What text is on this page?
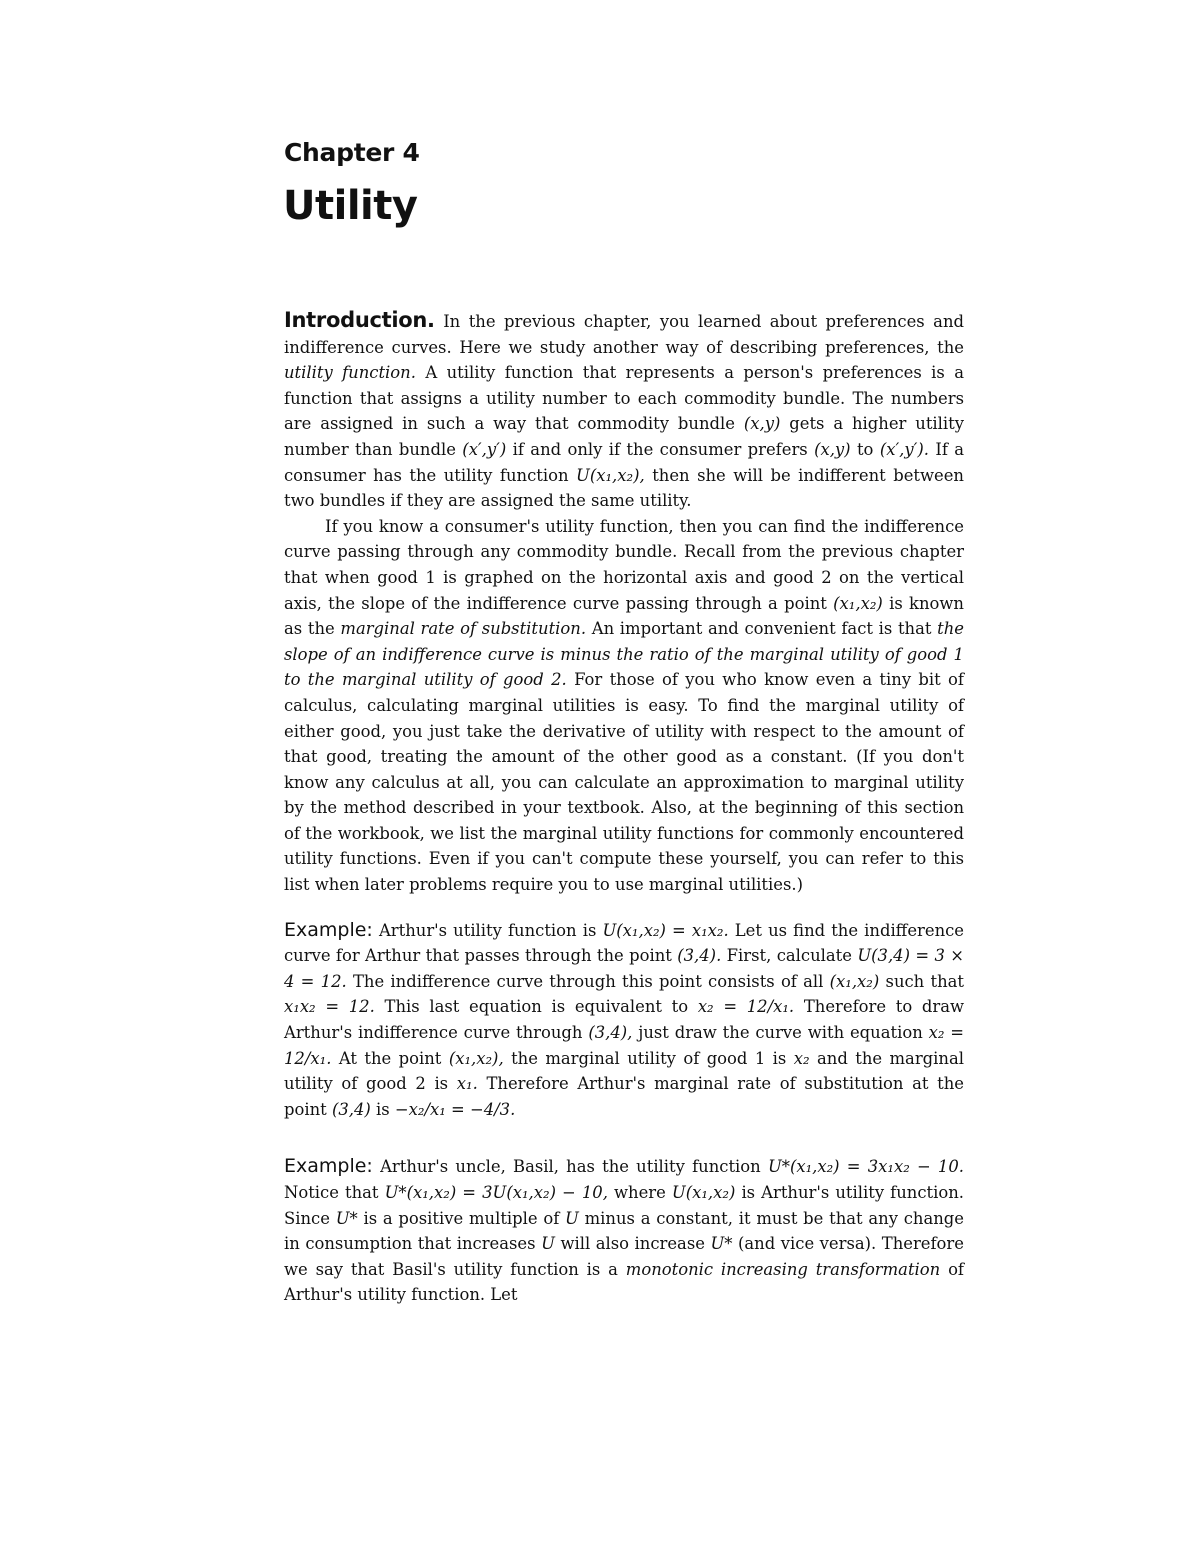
Chapter 4
Utility

Introduction. In the previous chapter, you learned about preferences and indifference curves. Here we study another way of describing preferences, the utility function. A utility function that represents a person's preferences is a function that assigns a utility number to each commodity bundle. The numbers are assigned in such a way that commodity bundle (x,y) gets a higher utility number than bundle (x′,y′) if and only if the consumer prefers (x,y) to (x′,y′). If a consumer has the utility function U(x₁,x₂), then she will be indifferent between two bundles if they are assigned the same utility.

If you know a consumer's utility function, then you can find the indifference curve passing through any commodity bundle. Recall from the previous chapter that when good 1 is graphed on the horizontal axis and good 2 on the vertical axis, the slope of the indifference curve passing through a point (x₁,x₂) is known as the marginal rate of substitution. An important and convenient fact is that the slope of an indifference curve is minus the ratio of the marginal utility of good 1 to the marginal utility of good 2. For those of you who know even a tiny bit of calculus, calculating marginal utilities is easy. To find the marginal utility of either good, you just take the derivative of utility with respect to the amount of that good, treating the amount of the other good as a constant. (If you don't know any calculus at all, you can calculate an approximation to marginal utility by the method described in your textbook. Also, at the beginning of this section of the workbook, we list the marginal utility functions for commonly encountered utility functions. Even if you can't compute these yourself, you can refer to this list when later problems require you to use marginal utilities.)

Example: Arthur's utility function is U(x₁,x₂) = x₁x₂. Let us find the indifference curve for Arthur that passes through the point (3,4). First, calculate U(3,4) = 3 × 4 = 12. The indifference curve through this point consists of all (x₁,x₂) such that x₁x₂ = 12. This last equation is equivalent to x₂ = 12/x₁. Therefore to draw Arthur's indifference curve through (3,4), just draw the curve with equation x₂ = 12/x₁. At the point (x₁,x₂), the marginal utility of good 1 is x₂ and the marginal utility of good 2 is x₁. Therefore Arthur's marginal rate of substitution at the point (3,4) is −x₂/x₁ = −4/3.

Example: Arthur's uncle, Basil, has the utility function U*(x₁,x₂) = 3x₁x₂ − 10. Notice that U*(x₁,x₂) = 3U(x₁,x₂) − 10, where U(x₁,x₂) is Arthur's utility function. Since U* is a positive multiple of U minus a constant, it must be that any change in consumption that increases U will also increase U* (and vice versa). Therefore we say that Basil's utility function is a monotonic increasing transformation of Arthur's utility function. Let
